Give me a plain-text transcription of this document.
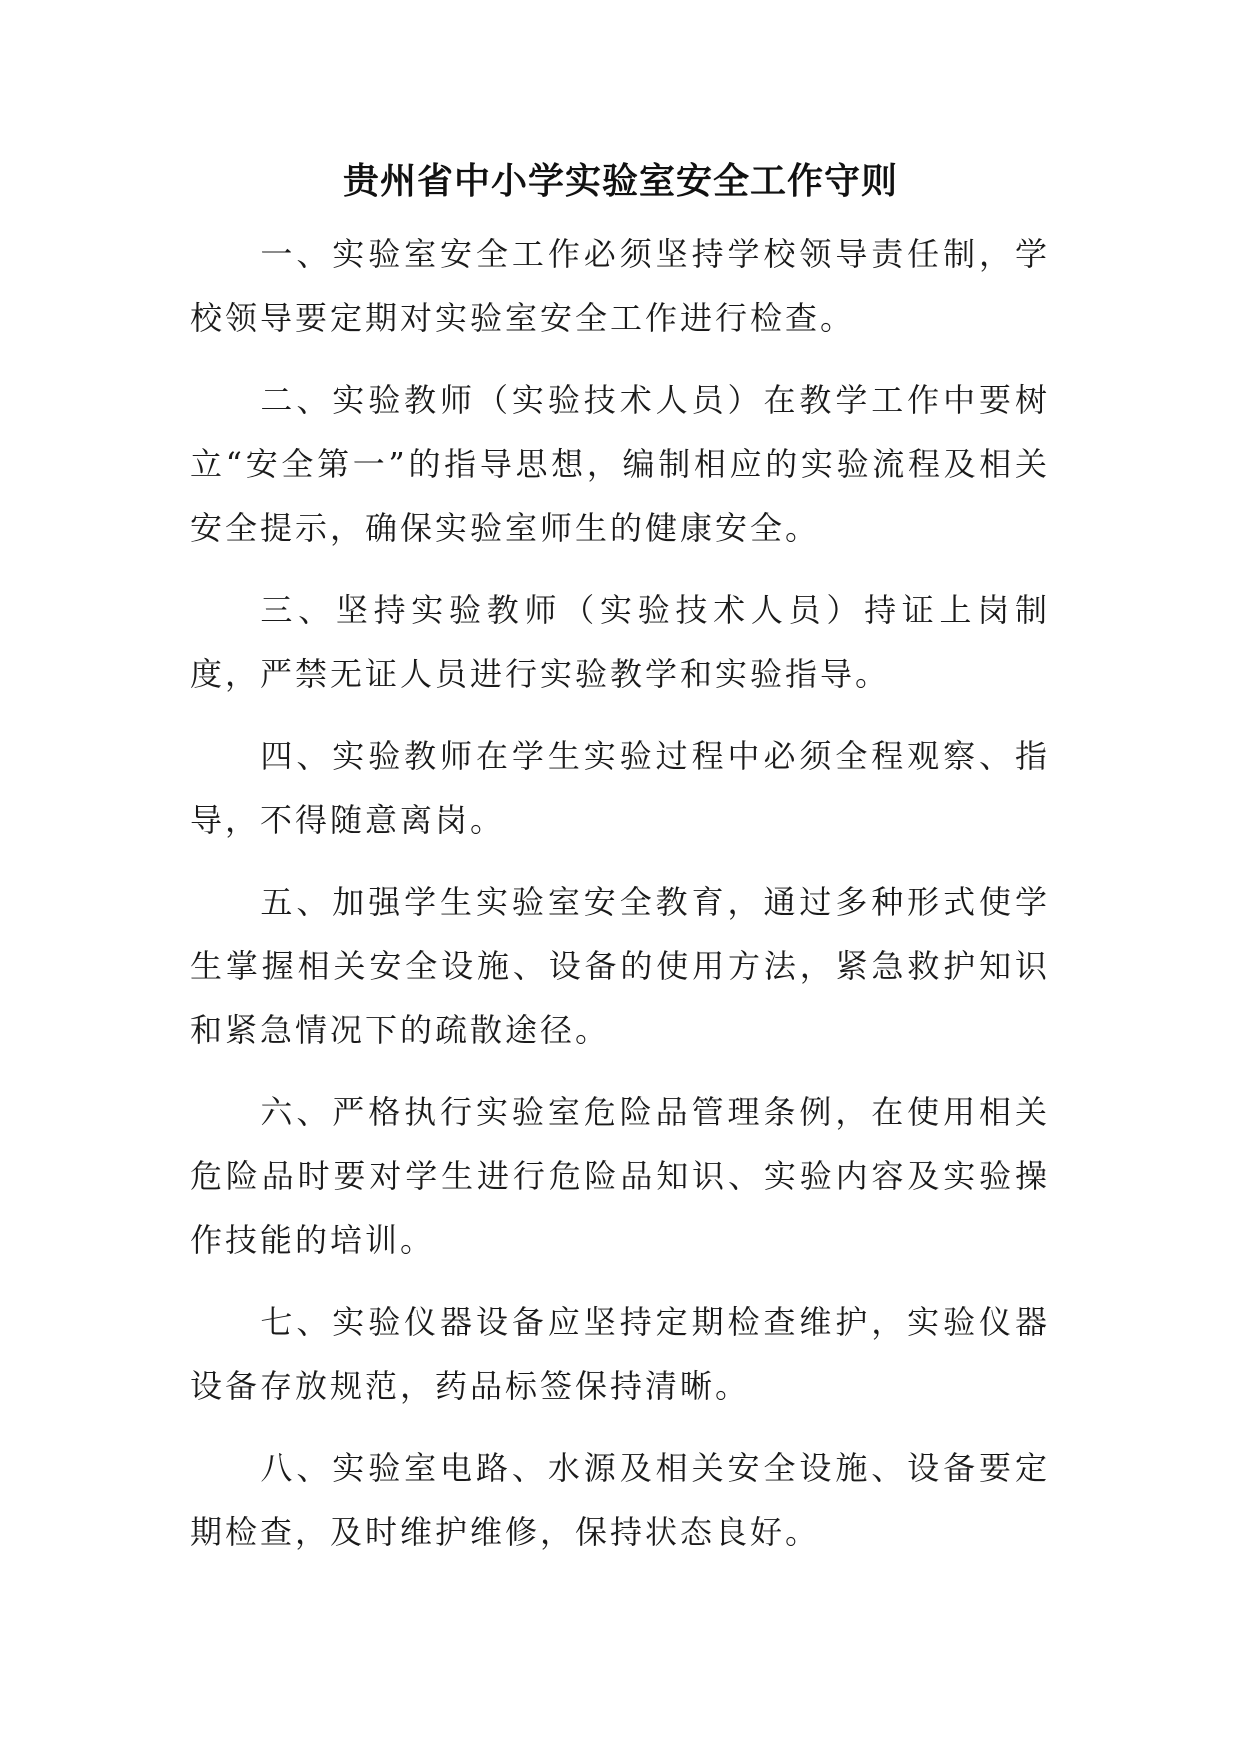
贵州省中小学实验室安全工作守则

一、实验室安全工作必须坚持学校领导责任制，学校领导要定期对实验室安全工作进行检查。

二、实验教师（实验技术人员）在教学工作中要树立“安全第一”的指导思想，编制相应的实验流程及相关安全提示，确保实验室师生的健康安全。

三、坚持实验教师（实验技术人员）持证上岗制度，严禁无证人员进行实验教学和实验指导。

四、实验教师在学生实验过程中必须全程观察、指导，不得随意离岗。

五、加强学生实验室安全教育，通过多种形式使学生掌握相关安全设施、设备的使用方法，紧急救护知识和紧急情况下的疏散途径。

六、严格执行实验室危险品管理条例，在使用相关危险品时要对学生进行危险品知识、实验内容及实验操作技能的培训。

七、实验仪器设备应坚持定期检查维护，实验仪器设备存放规范，药品标签保持清晰。

八、实验室电路、水源及相关安全设施、设备要定期检查，及时维护维修，保持状态良好。
